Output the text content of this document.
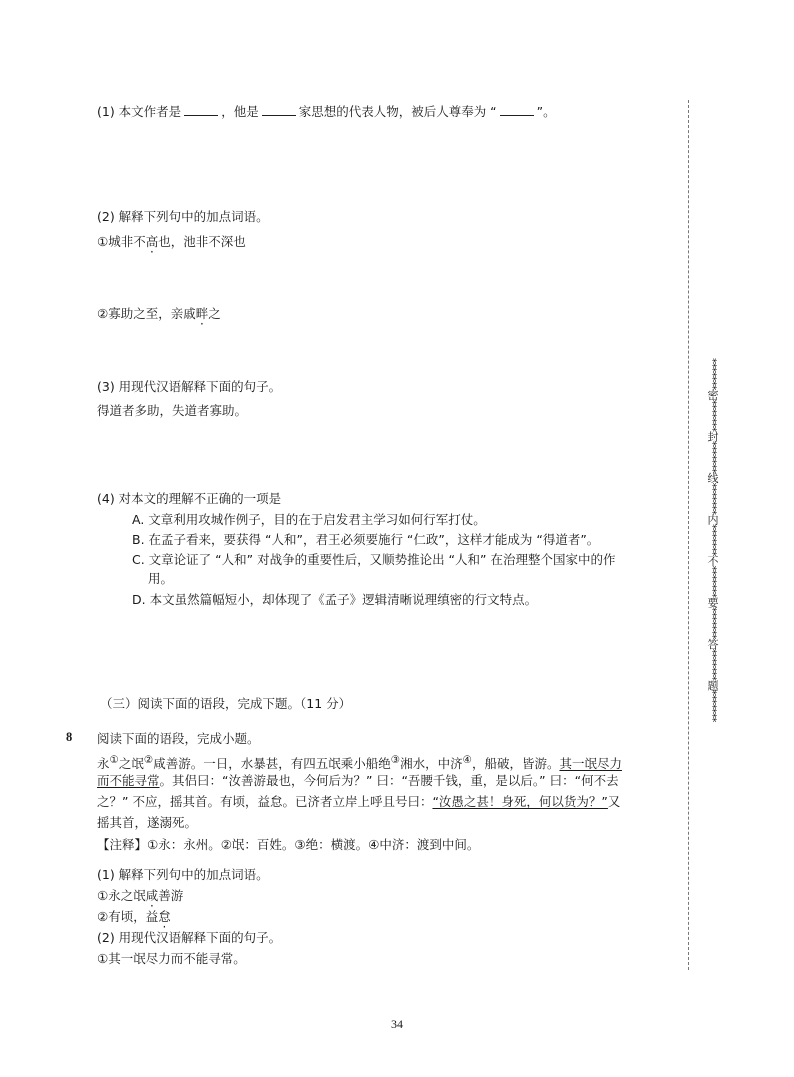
*******密*******封*******线*******内*******不*******要*******答*******题*******
(1) 本文作者是	，他是	家思想的代表人物，被后人尊奉为 “	”。
(2) 解释下列句中的加点词语。
①城非不高也，池非不深也
②寡助之至，亲戚畔之
(3) 用现代汉语解释下面的句子。
得道者多助，失道者寡助。
(4) 对本文的理解不正确的一项是
A. 文章利用攻城作例子，目的在于启发君主学习如何行军打仗。
B. 在孟子看来，要获得 “人和”，君王必须要施行 “仁政”，这样才能成为 “得道者”。
C. 文章论证了 “人和” 对战争的重要性后，又顺势推论出 “人和” 在治理整个国家中的作
用。
D. 本文虽然篇幅短小，却体现了《孟子》逻辑清晰说理缜密的行文特点。
（三）阅读下面的语段，完成下题。（11 分）
8 阅读下面的语段，完成小题。
永①之氓②咸善游。一日，水暴甚，有四五氓乘小船绝③湘水，中济④，船破，皆游。其一氓尽力
而不能寻常。其侣曰：“汝善游最也，今何后为？” 曰：“吾腰千钱，重，是以后。” 曰：“何不去
之？” 不应，摇其首。有顷，益怠。已济者立岸上呼且号曰：“汝愚之甚！身死，何以货为？”又
摇其首，遂溺死。
【注释】①永：永州。②氓：百姓。③绝：横渡。④中济：渡到中间。
(1) 解释下列句中的加点词语。
①永之氓咸善游
②有顷，益怠
(2) 用现代汉语解释下面的句子。
①其一氓尽力而不能寻常。
34
